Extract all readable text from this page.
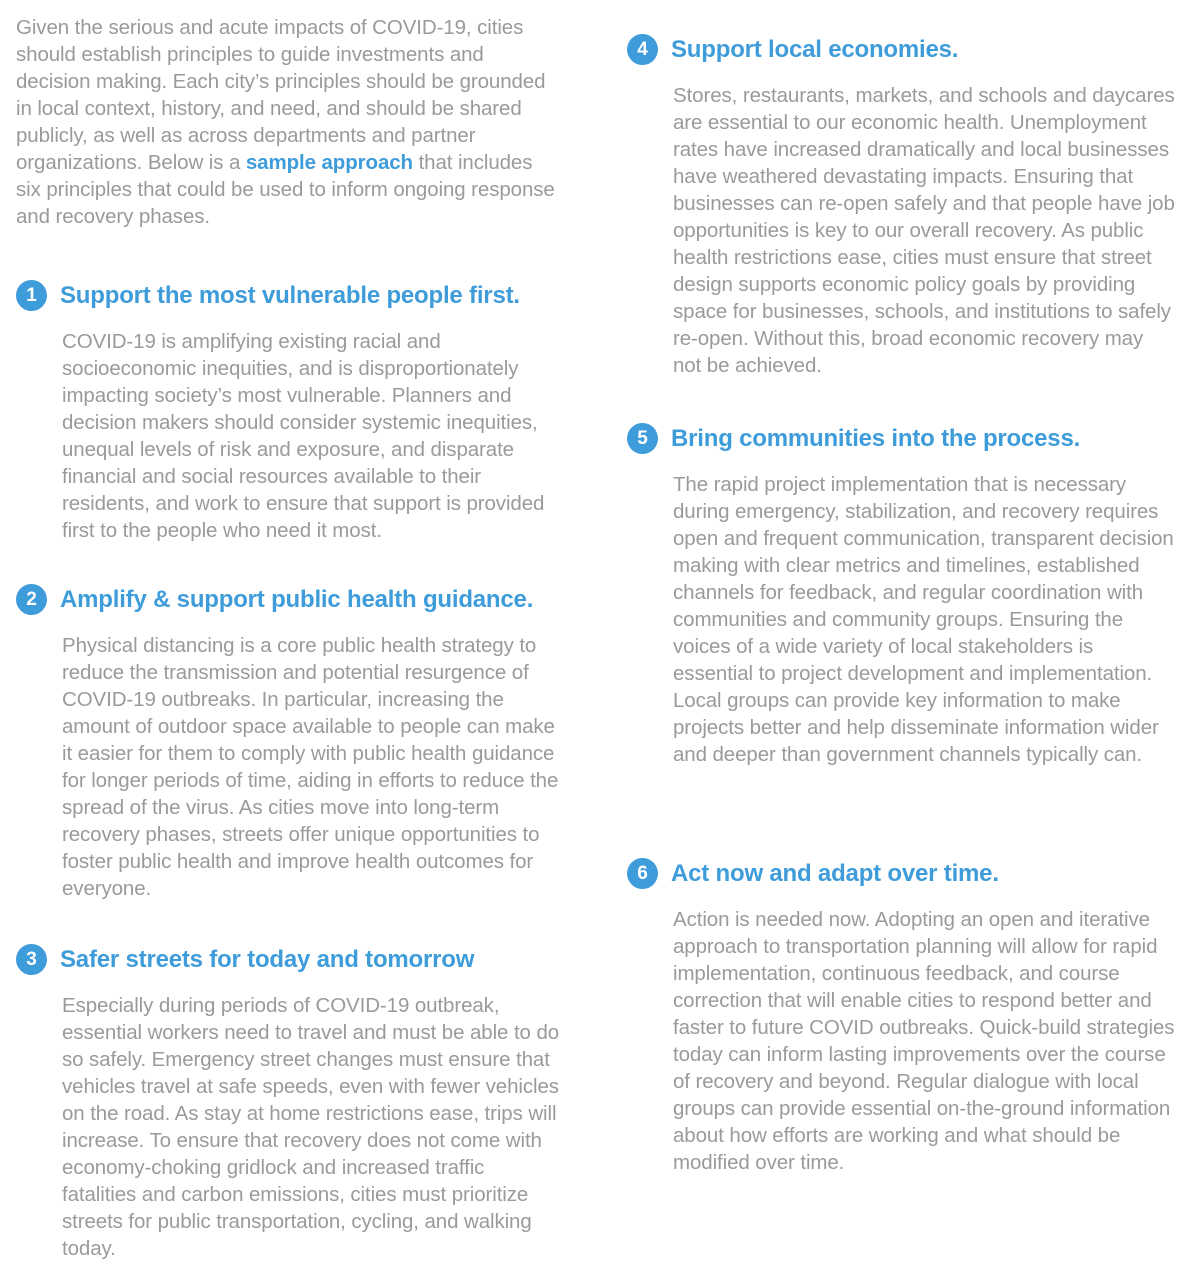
Given the serious and acute impacts of COVID-19, cities should establish principles to guide investments and decision making. Each city’s principles should be grounded in local context, history, and need, and should be shared publicly, as well as across departments and partner organizations. Below is a sample approach that includes six principles that could be used to inform ongoing response and recovery phases.

1 Support the most vulnerable people first.

COVID-19 is amplifying existing racial and socioeconomic inequities, and is disproportionately impacting society’s most vulnerable. Planners and decision makers should consider systemic inequities, unequal levels of risk and exposure, and disparate financial and social resources available to their residents, and work to ensure that support is provided first to the people who need it most.

2 Amplify & support public health guidance.

Physical distancing is a core public health strategy to reduce the transmission and potential resurgence of COVID-19 outbreaks. In particular, increasing the amount of outdoor space available to people can make it easier for them to comply with public health guidance for longer periods of time, aiding in efforts to reduce the spread of the virus. As cities move into long-term recovery phases, streets offer unique opportunities to foster public health and improve health outcomes for everyone.

3 Safer streets for today and tomorrow

Especially during periods of COVID-19 outbreak, essential workers need to travel and must be able to do so safely. Emergency street changes must ensure that vehicles travel at safe speeds, even with fewer vehicles on the road. As stay at home restrictions ease, trips will increase. To ensure that recovery does not come with economy-choking gridlock and increased traffic fatalities and carbon emissions, cities must prioritize streets for public transportation, cycling, and walking today.

4 Support local economies.

Stores, restaurants, markets, and schools and daycares are essential to our economic health. Unemployment rates have increased dramatically and local businesses have weathered devastating impacts. Ensuring that businesses can re-open safely and that people have job opportunities is key to our overall recovery. As public health restrictions ease, cities must ensure that street design supports economic policy goals by providing space for businesses, schools, and institutions to safely re-open. Without this, broad economic recovery may not be achieved.

5 Bring communities into the process.

The rapid project implementation that is necessary during emergency, stabilization, and recovery requires open and frequent communication, transparent decision making with clear metrics and timelines, established channels for feedback, and regular coordination with communities and community groups. Ensuring the voices of a wide variety of local stakeholders is essential to project development and implementation. Local groups can provide key information to make projects better and help disseminate information wider and deeper than government channels typically can.

6 Act now and adapt over time.

Action is needed now. Adopting an open and iterative approach to transportation planning will allow for rapid implementation, continuous feedback, and course correction that will enable cities to respond better and faster to future COVID outbreaks. Quick-build strategies today can inform lasting improvements over the course of recovery and beyond. Regular dialogue with local groups can provide essential on-the-ground information about how efforts are working and what should be modified over time.
